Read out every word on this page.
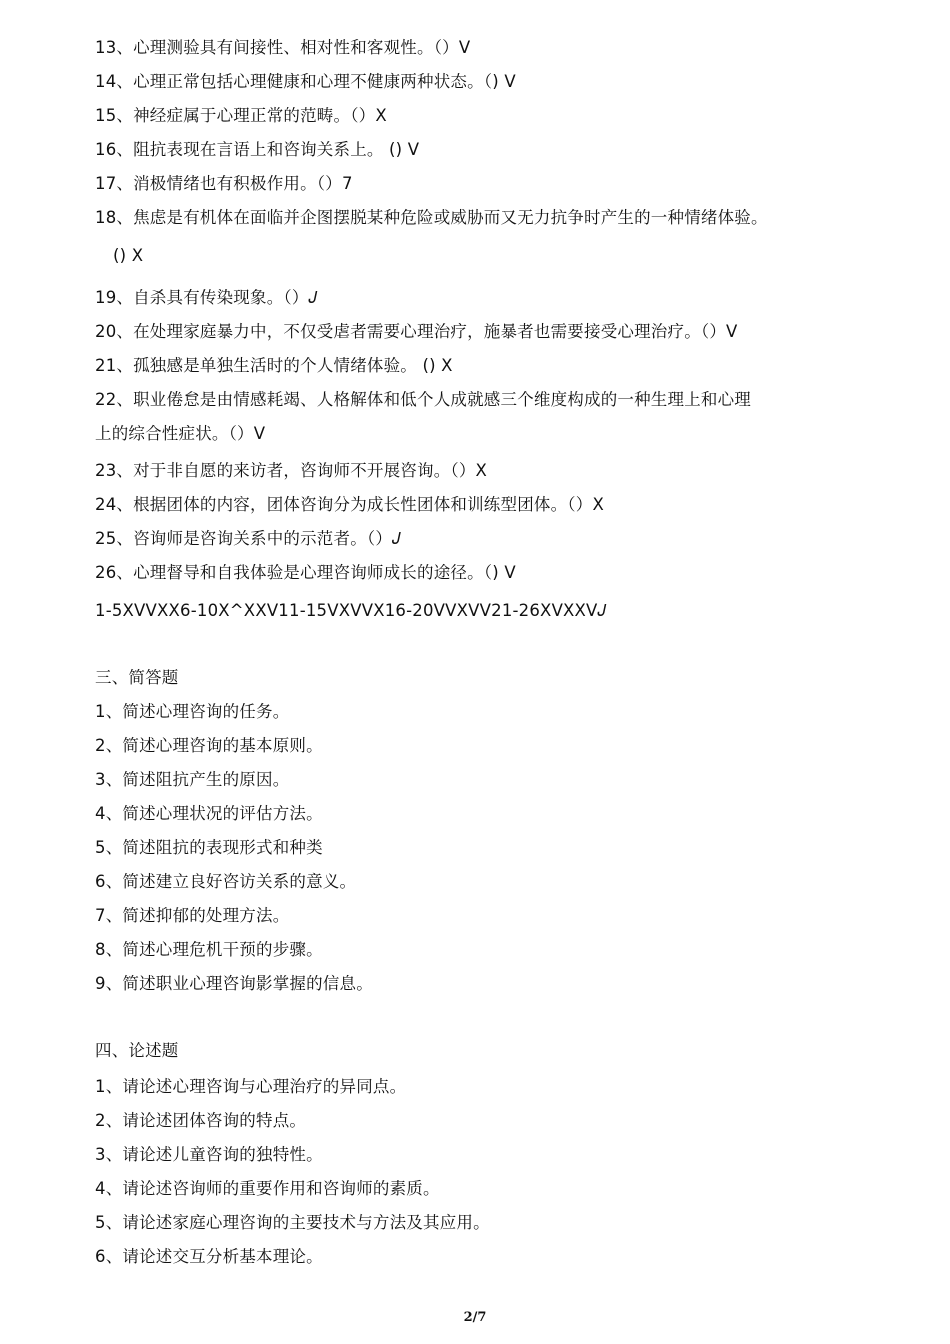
13、心理测验具有间接性、相对性和客观性。（）V
14、心理正常包括心理健康和心理不健康两种状态。（) V
15、神经症属于心理正常的范畴。（）X
16、阻抗表现在言语上和咨询关系上。 () V
17、消极情绪也有积极作用。（）7
18、焦虑是有机体在面临并企图摆脱某种危险或威胁而又无力抗争时产生的一种情绪体验。
() X
19、自杀具有传染现象。（）𝐽
20、在处理家庭暴力中，不仅受虐者需要心理治疗，施暴者也需要接受心理治疗。（）V
21、孤独感是单独生活时的个人情绪体验。 () X
22、职业倦怠是由情感耗竭、人格解体和低个人成就感三个维度构成的一种生理上和心理
上的综合性症状。（）V
23、对于非自愿的来访者，咨询师不开展咨询。（）X
24、根据团体的内容，团体咨询分为成长性团体和训练型团体。（）X
25、咨询师是咨询关系中的示范者。（）𝐽
26、心理督导和自我体验是心理咨询师成长的途径。（) V
1-5XVVXX6-10X^XXV11-15VXVVX16-20VVXVV21-26XVXXV𝐽
三、简答题
1、简述心理咨询的任务。
2、简述心理咨询的基本原则。
3、简述阻抗产生的原因。
4、简述心理状况的评估方法。
5、简述阻抗的表现形式和种类
6、简述建立良好咨访关系的意义。
7、简述抑郁的处理方法。
8、简述心理危机干预的步骤。
9、简述职业心理咨询影掌握的信息。
四、论述题
1、请论述心理咨询与心理治疗的异同点。
2、请论述团体咨询的特点。
3、请论述儿童咨询的独特性。
4、请论述咨询师的重要作用和咨询师的素质。
5、请论述家庭心理咨询的主要技术与方法及其应用。
6、请论述交互分析基本理论。
2/7
